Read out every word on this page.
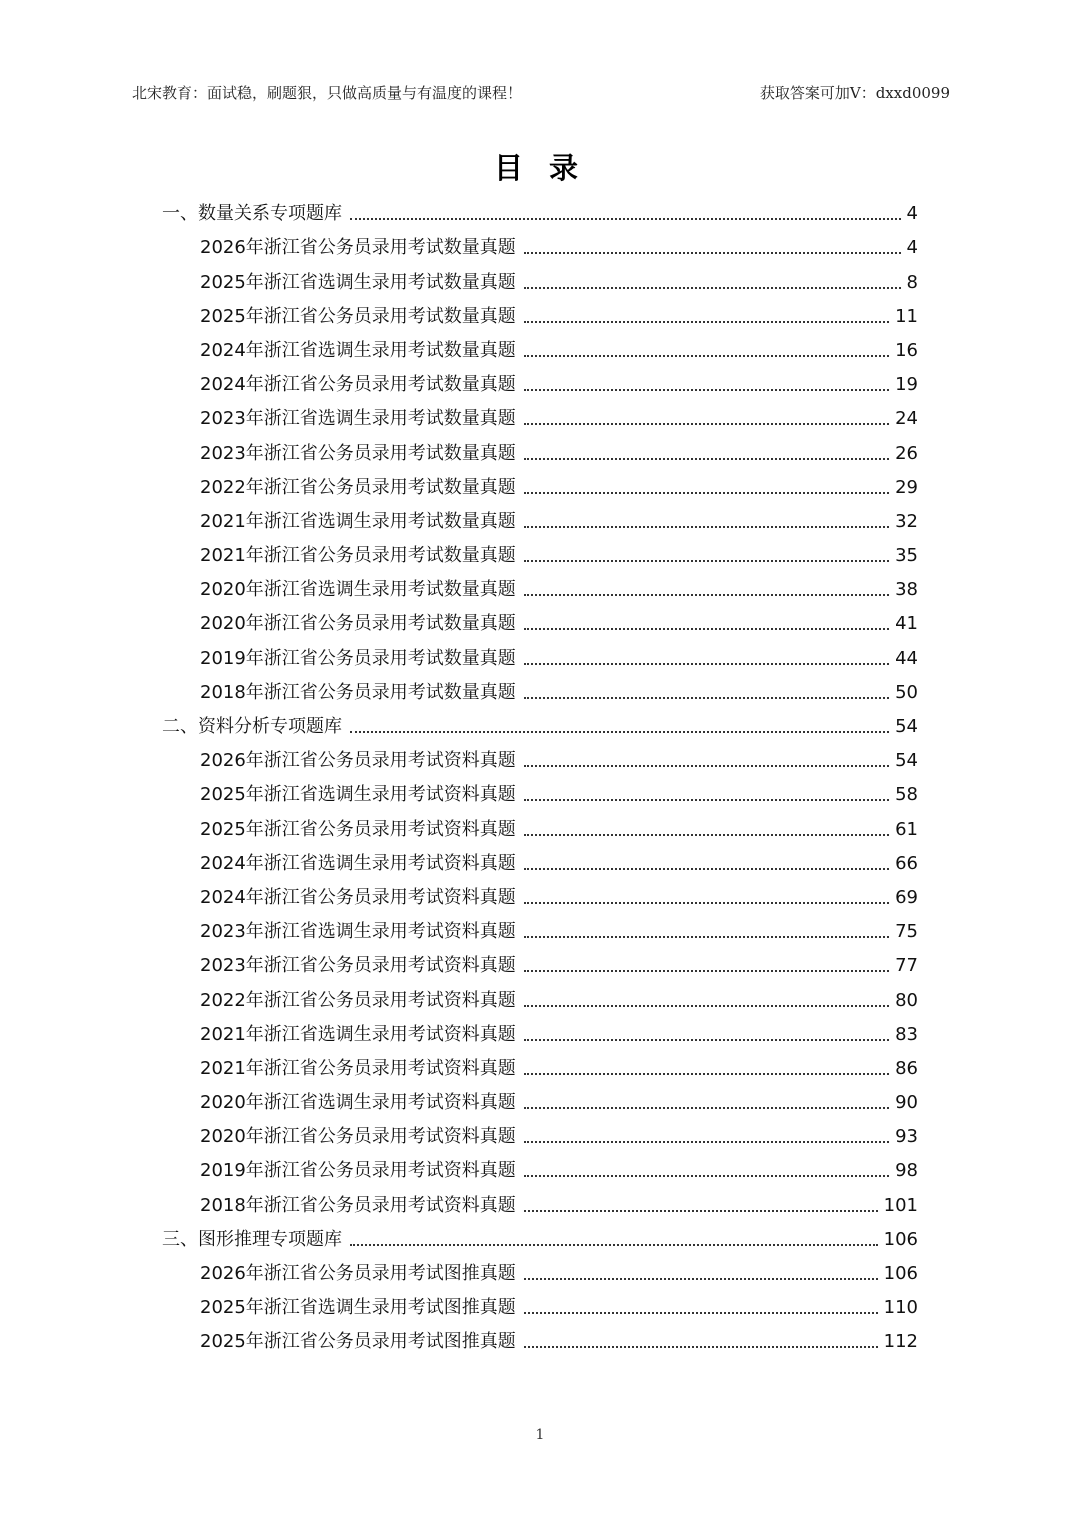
北宋教育：面试稳，刷题狠，只做高质量与有温度的课程！	获取答案可加V：dxxd0099
目 录
一、数量关系专项题库	4
2026年浙江省公务员录用考试数量真题	4
2025年浙江省选调生录用考试数量真题	8
2025年浙江省公务员录用考试数量真题	11
2024年浙江省选调生录用考试数量真题	16
2024年浙江省公务员录用考试数量真题	19
2023年浙江省选调生录用考试数量真题	24
2023年浙江省公务员录用考试数量真题	26
2022年浙江省公务员录用考试数量真题	29
2021年浙江省选调生录用考试数量真题	32
2021年浙江省公务员录用考试数量真题	35
2020年浙江省选调生录用考试数量真题	38
2020年浙江省公务员录用考试数量真题	41
2019年浙江省公务员录用考试数量真题	44
2018年浙江省公务员录用考试数量真题	50
二、资料分析专项题库	54
2026年浙江省公务员录用考试资料真题	54
2025年浙江省选调生录用考试资料真题	58
2025年浙江省公务员录用考试资料真题	61
2024年浙江省选调生录用考试资料真题	66
2024年浙江省公务员录用考试资料真题	69
2023年浙江省选调生录用考试资料真题	75
2023年浙江省公务员录用考试资料真题	77
2022年浙江省公务员录用考试资料真题	80
2021年浙江省选调生录用考试资料真题	83
2021年浙江省公务员录用考试资料真题	86
2020年浙江省选调生录用考试资料真题	90
2020年浙江省公务员录用考试资料真题	93
2019年浙江省公务员录用考试资料真题	98
2018年浙江省公务员录用考试资料真题	101
三、图形推理专项题库	106
2026年浙江省公务员录用考试图推真题	106
2025年浙江省选调生录用考试图推真题	110
2025年浙江省公务员录用考试图推真题	112
1
